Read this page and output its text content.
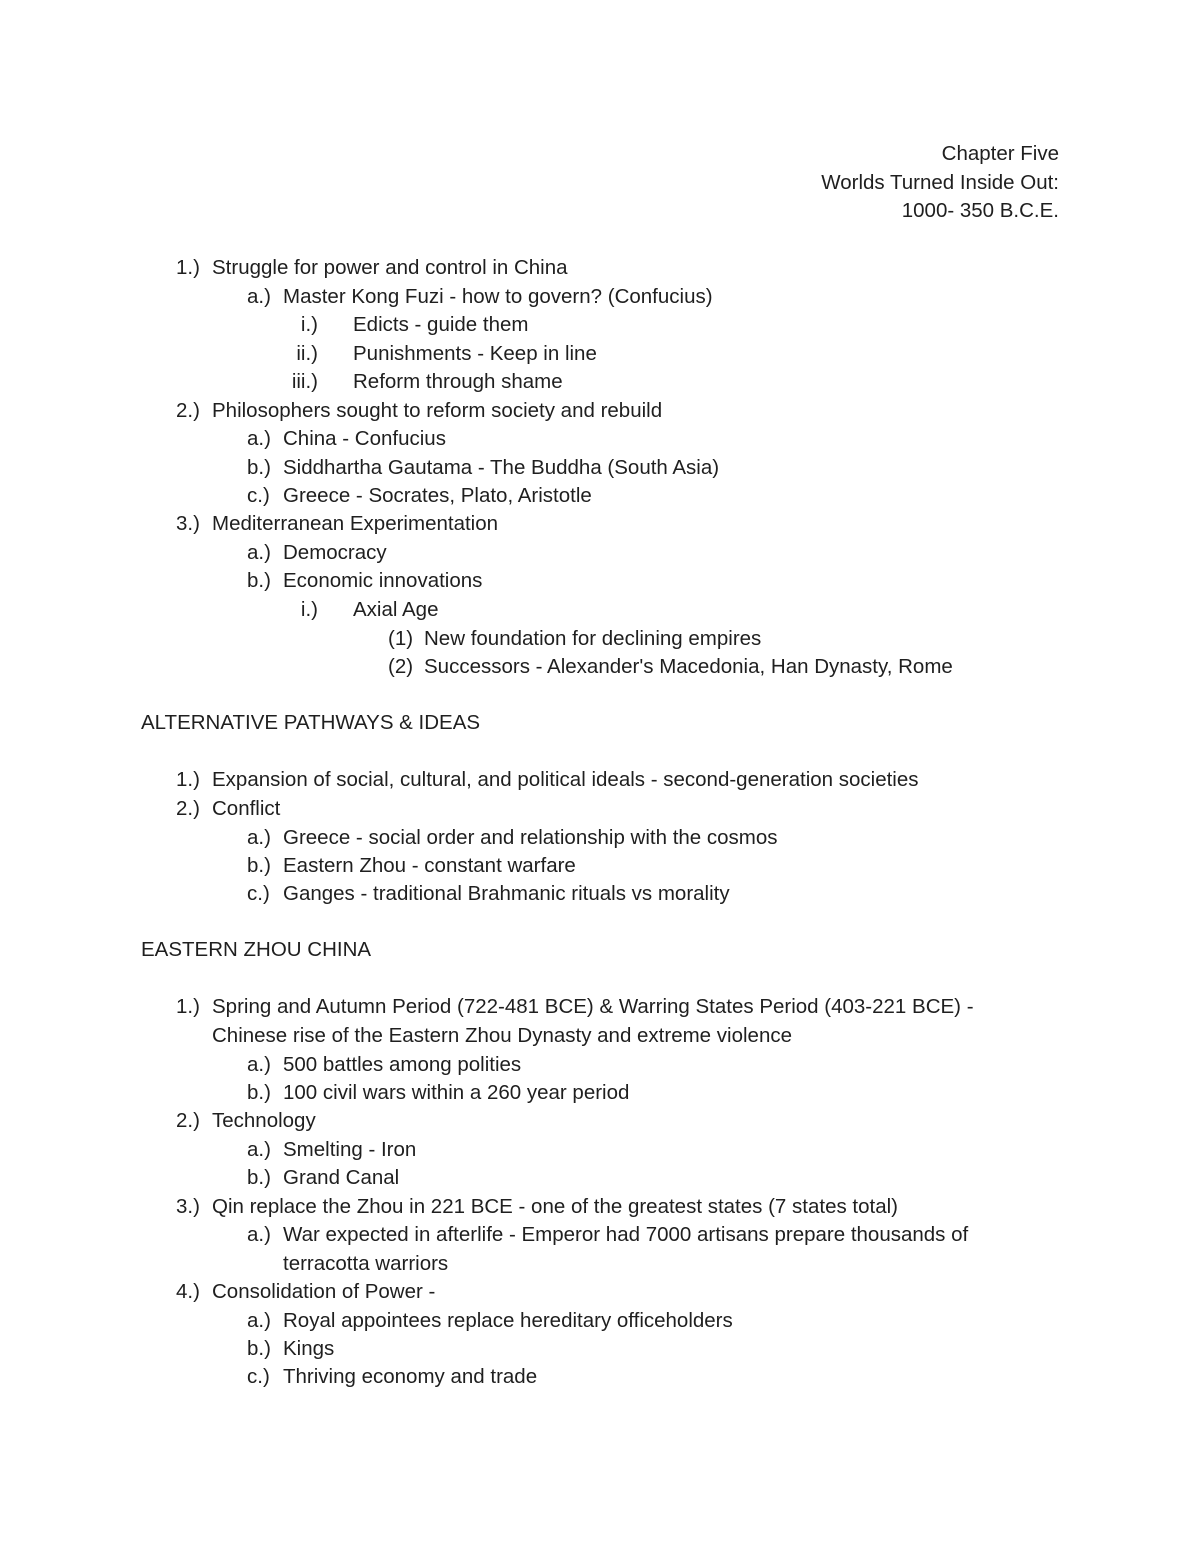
Chapter Five
Worlds Turned Inside Out:
1000- 350 B.C.E.
1.) Struggle for power and control in China
a.) Master Kong Fuzi - how to govern? (Confucius)
i.) Edicts - guide them
ii.) Punishments - Keep in line
iii.) Reform through shame
2.) Philosophers sought to reform society and rebuild
a.) China - Confucius
b.) Siddhartha Gautama - The Buddha (South Asia)
c.) Greece - Socrates, Plato, Aristotle
3.) Mediterranean Experimentation
a.) Democracy
b.) Economic innovations
i.) Axial Age
(1) New foundation for declining empires
(2) Successors - Alexander's Macedonia, Han Dynasty, Rome
ALTERNATIVE PATHWAYS & IDEAS
1.) Expansion of social, cultural, and political ideals - second-generation societies
2.) Conflict
a.) Greece - social order and relationship with the cosmos
b.) Eastern Zhou - constant warfare
c.) Ganges - traditional Brahmanic rituals vs morality
EASTERN ZHOU CHINA
1.) Spring and Autumn Period (722-481 BCE) & Warring States Period (403-221 BCE) -
Chinese rise of the Eastern Zhou Dynasty and extreme violence
a.) 500 battles among polities
b.) 100 civil wars within a 260 year period
2.) Technology
a.) Smelting - Iron
b.) Grand Canal
3.) Qin replace the Zhou in 221 BCE - one of the greatest states (7 states total)
a.) War expected in afterlife - Emperor had 7000 artisans prepare thousands of
terracotta warriors
4.) Consolidation of Power -
a.) Royal appointees replace hereditary officeholders
b.) Kings
c.) Thriving economy and trade
